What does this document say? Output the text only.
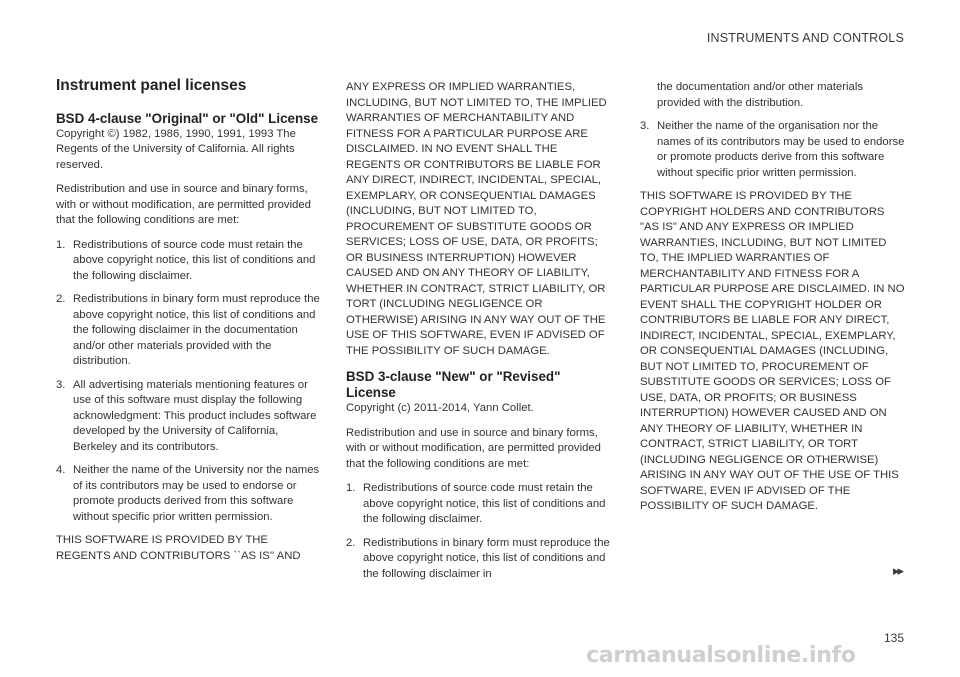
INSTRUMENTS AND CONTROLS
Instrument panel licenses
BSD 4-clause "Original" or "Old" License

Copyright ©) 1982, 1986, 1990, 1991, 1993 The Regents of the University of California. All rights reserved.

Redistribution and use in source and binary forms, with or without modification, are permitted provided that the following conditions are met:

1. Redistributions of source code must retain the above copyright notice, this list of conditions and the following disclaimer.
2. Redistributions in binary form must reproduce the above copyright notice, this list of conditions and the following disclaimer in the documentation and/or other materials provided with the distribution.
3. All advertising materials mentioning features or use of this software must display the following acknowledgment: This product includes software developed by the University of California, Berkeley and its contributors.
4. Neither the name of the University nor the names of its contributors may be used to endorse or promote products derived from this software without specific prior written permission.

THIS SOFTWARE IS PROVIDED BY THE REGENTS AND CONTRIBUTORS ``AS IS'' AND

ANY EXPRESS OR IMPLIED WARRANTIES, INCLUDING, BUT NOT LIMITED TO, THE IMPLIED WARRANTIES OF MERCHANTABILITY AND FITNESS FOR A PARTICULAR PURPOSE ARE DISCLAIMED. IN NO EVENT SHALL THE REGENTS OR CONTRIBUTORS BE LIABLE FOR ANY DIRECT, INDIRECT, INCIDENTAL, SPECIAL, EXEMPLARY, OR CONSEQUENTIAL DAMAGES (INCLUDING, BUT NOT LIMITED TO, PROCUREMENT OF SUBSTITUTE GOODS OR SERVICES; LOSS OF USE, DATA, OR PROFITS; OR BUSINESS INTERRUPTION) HOWEVER CAUSED AND ON ANY THEORY OF LIABILITY, WHETHER IN CONTRACT, STRICT LIABILITY, OR TORT (INCLUDING NEGLIGENCE OR OTHERWISE) ARISING IN ANY WAY OUT OF THE USE OF THIS SOFTWARE, EVEN IF ADVISED OF THE POSSIBILITY OF SUCH DAMAGE.

BSD 3-clause "New" or "Revised" License

Copyright (c) 2011-2014, Yann Collet.

Redistribution and use in source and binary forms, with or without modification, are permitted provided that the following conditions are met:

1. Redistributions of source code must retain the above copyright notice, this list of conditions and the following disclaimer.
2. Redistributions in binary form must reproduce the above copyright notice, this list of conditions and the following disclaimer in
the documentation and/or other materials provided with the distribution.
3. Neither the name of the organisation nor the names of its contributors may be used to endorse or promote products derive from this software without specific prior written permission.

THIS SOFTWARE IS PROVIDED BY THE COPYRIGHT HOLDERS AND CONTRIBUTORS "AS IS" AND ANY EXPRESS OR IMPLIED WARRANTIES, INCLUDING, BUT NOT LIMITED TO, THE IMPLIED WARRANTIES OF MERCHANTABILITY AND FITNESS FOR A PARTICULAR PURPOSE ARE DISCLAIMED. IN NO EVENT SHALL THE COPYRIGHT HOLDER OR CONTRIBUTORS BE LIABLE FOR ANY DIRECT, INDIRECT, INCIDENTAL, SPECIAL, EXEMPLARY, OR CONSEQUENTIAL DAMAGES (INCLUDING, BUT NOT LIMITED TO, PROCUREMENT OF SUBSTITUTE GOODS OR SERVICES; LOSS OF USE, DATA, OR PROFITS; OR BUSINESS INTERRUPTION) HOWEVER CAUSED AND ON ANY THEORY OF LIABILITY, WHETHER IN CONTRACT, STRICT LIABILITY, OR TORT (INCLUDING NEGLIGENCE OR OTHERWISE) ARISING IN ANY WAY OUT OF THE USE OF THIS SOFTWARE, EVEN IF ADVISED OF THE POSSIBILITY OF SUCH DAMAGE.

▸▸
135
carmanualsonline.info
